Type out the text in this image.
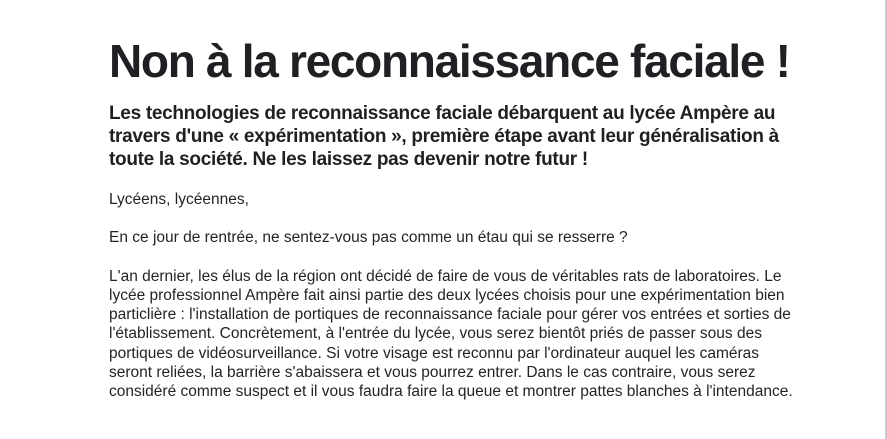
Non à la reconnaissance faciale !

Les technologies de reconnaissance faciale débarquent au lycée Ampère au travers d'une « expérimentation », première étape avant leur généralisation à toute la société. Ne les laissez pas devenir notre futur !

Lycéens, lycéennes,

En ce jour de rentrée, ne sentez-vous pas comme un étau qui se resserre ?

L'an dernier, les élus de la région ont décidé de faire de vous de véritables rats de laboratoires. Le lycée professionnel Ampère fait ainsi partie des deux lycées choisis pour une expérimentation bien particlière : l'installation de portiques de reconnaissance faciale pour gérer vos entrées et sorties de l'établissement. Concrètement, à l'entrée du lycée, vous serez bientôt priés de passer sous des portiques de vidéosurveillance. Si votre visage est reconnu par l'ordinateur auquel les caméras seront reliées, la barrière s'abaissera et vous pourrez entrer. Dans le cas contraire, vous serez considéré comme suspect et il vous faudra faire la queue et montrer pattes blanches à l'intendance.
